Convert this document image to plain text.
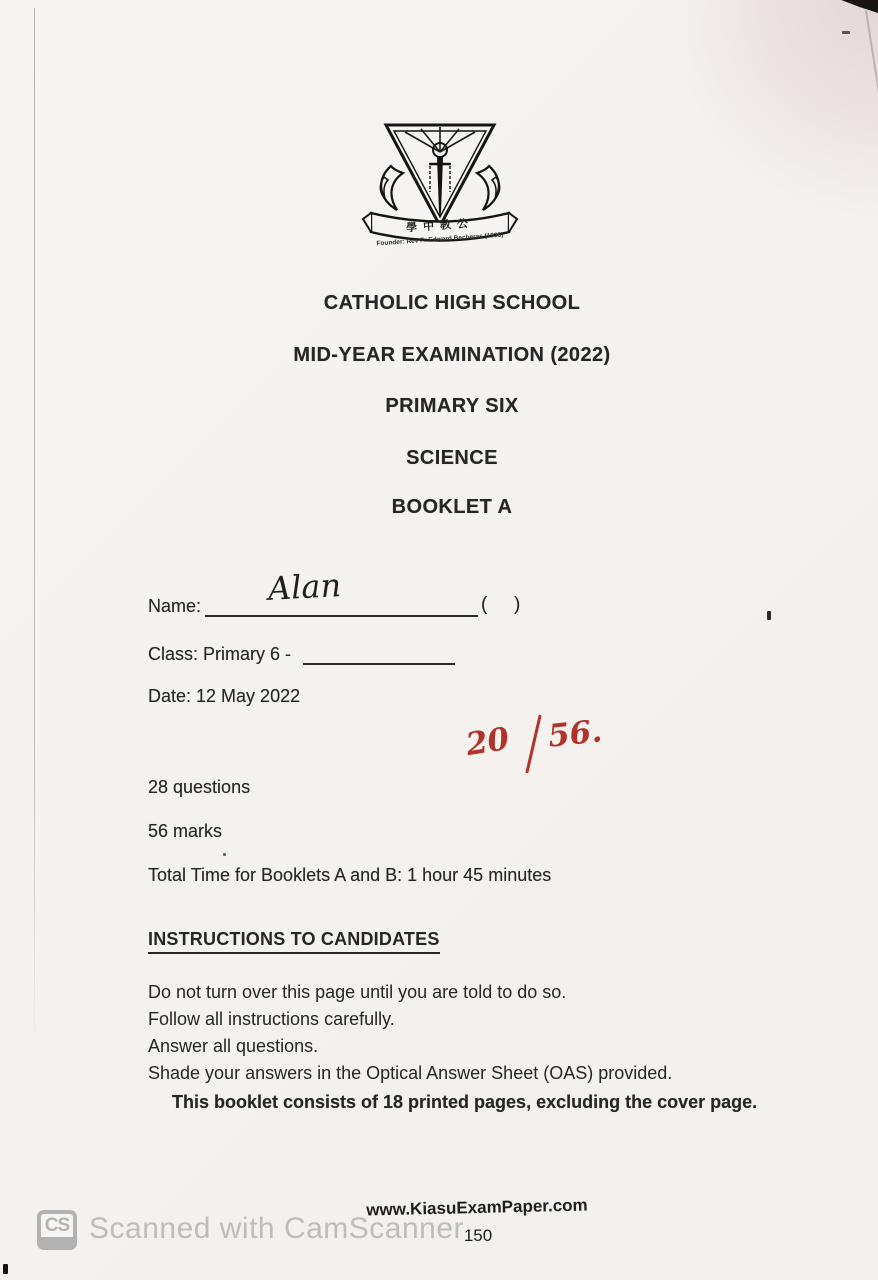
學中教公
Founder: Rev Fr Edward Becheras (1935)
CATHOLIC HIGH SCHOOL
MID-YEAR EXAMINATION (2022)
PRIMARY SIX
SCIENCE
BOOKLET A
Name: Alan	( )
Class: Primary 6 -
Date: 12 May 2022
20 56.
28 questions
56 marks
Total Time for Booklets A and B: 1 hour 45 minutes
INSTRUCTIONS TO CANDIDATES
Do not turn over this page until you are told to do so.
Follow all instructions carefully.
Answer all questions.
Shade your answers in the Optical Answer Sheet (OAS) provided.
This booklet consists of 18 printed pages, excluding the cover page.
CS Scanned with CamScanner
www.KiasuExamPaper.com
150
